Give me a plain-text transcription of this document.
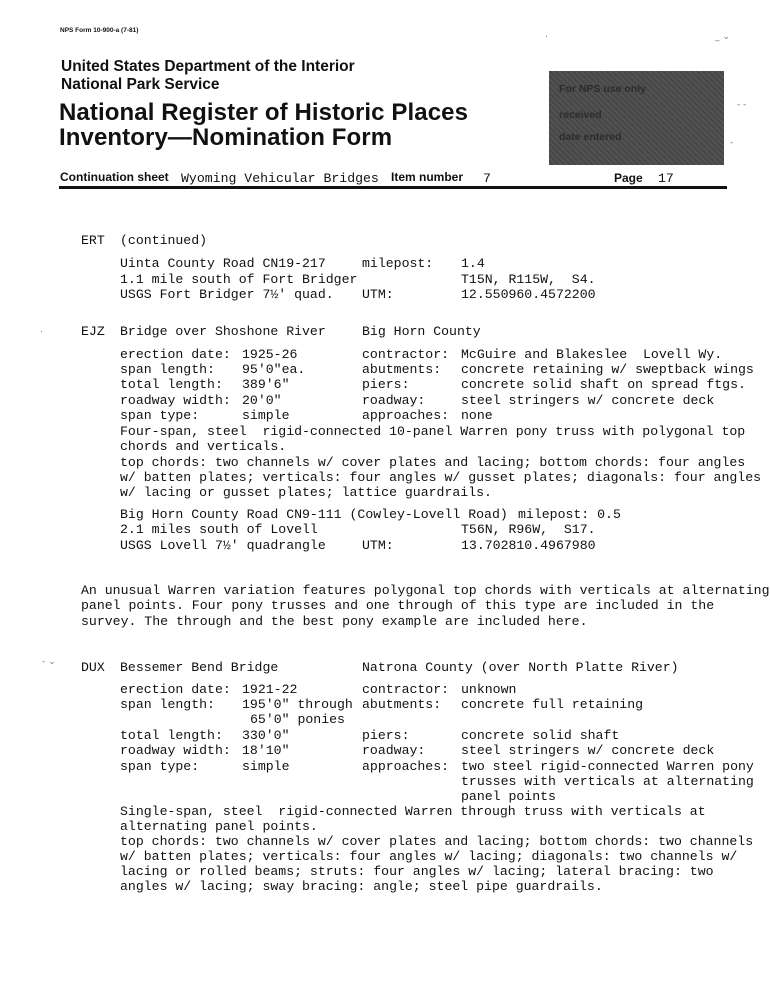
NPS Form 10-900-a (7-81)
United States Department of the Interior
National Park Service
National Register of Historic Places
Inventory—Nomination Form

For NPS use only

received

date entered

Continuation sheet Wyoming Vehicular Bridges Item number 7	Page 17
ERT (continued)
Uinta County Road CN19-217	milepost: 1.4
1.1 mile south of Fort Bridger	T15N, R115W,  S4.
USGS Fort Bridger 7½' quad. UTM:	12.550960.4572200
EJZ Bridge over Shoshone River	Big Horn County
erection date: 1925-26	contractor: McGuire and Blakeslee  Lovell Wy.
span length: 95'0"ea.	abutments: concrete retaining w/ sweptback wings
total length: 389'6"	piers:	concrete solid shaft on spread ftgs.
roadway width: 20'0"	roadway:	steel stringers w/ concrete deck
span type:	simple	approaches: none
Four-span, steel  rigid-connected 10-panel Warren pony truss with polygonal top
chords and verticals.
top chords: two channels w/ cover plates and lacing; bottom chords: four angles
w/ batten plates; verticals: four angles w/ gusset plates; diagonals: four angles
w/ lacing or gusset plates; lattice guardrails.
Big Horn County Road CN9-111 (Cowley-Lovell Road) milepost: 0.5
2.1 miles south of Lovell	T56N, R96W,  S17.
USGS Lovell 7½' quadrangle	UTM:	13.702810.4967980
An unusual Warren variation features polygonal top chords with verticals at alternating
panel points. Four pony trusses and one through of this type are included in the
survey. The through and the best pony example are included here.
DUX Bessemer Bend Bridge	Natrona County (over North Platte River)
erection date: 1921-22	contractor: unknown
span length: 195'0" through abutments: concrete full retaining
65'0" ponies
total length: 330'0"	piers:	concrete solid shaft
roadway width: 18'10"	roadway:	steel stringers w/ concrete deck
span type:	simple	approaches: two steel rigid-connected Warren pony
trusses with verticals at alternating
panel points
Single-span, steel  rigid-connected Warren through truss with verticals at
alternating panel points.
top chords: two channels w/ cover plates and lacing; bottom chords: two channels
w/ batten plates; verticals: four angles w/ lacing; diagonals: two channels w/
lacing or rolled beams; struts: four angles w/ lacing; lateral bracing: two
angles w/ lacing; sway bracing: angle; steel pipe guardrails.
.	_ ⌄
- -
-
.
- ⌄
